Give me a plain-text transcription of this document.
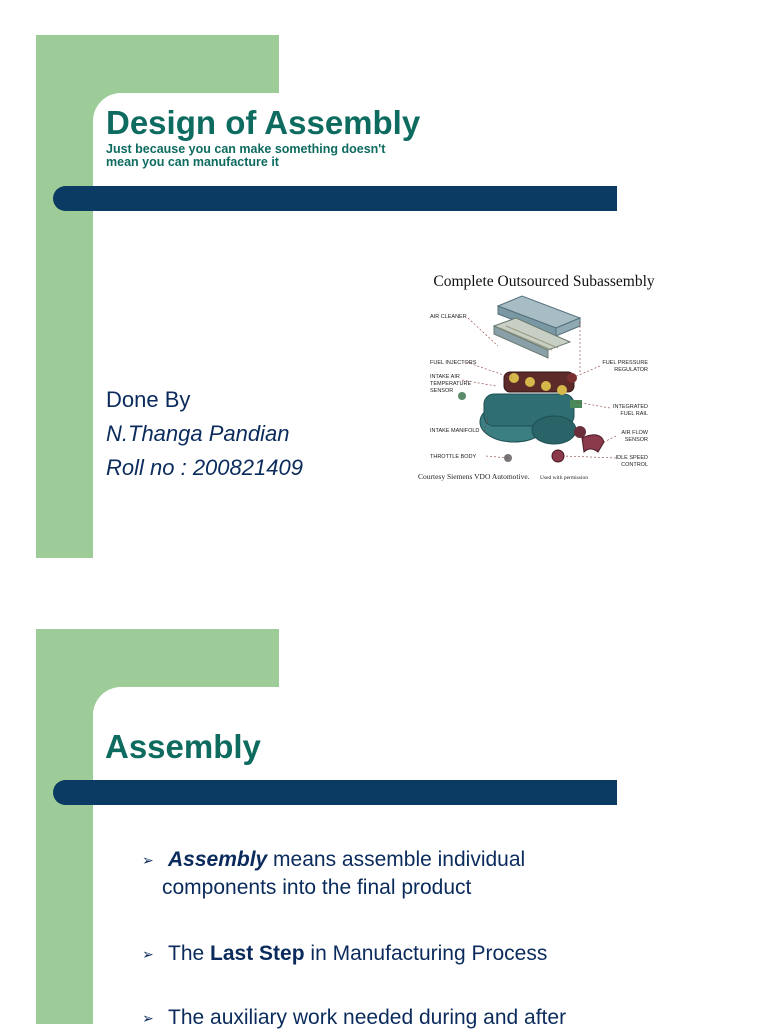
Design of Assembly
Just because you can make something doesn't
mean you can manufacture it
Done By
N.Thanga Pandian
Roll no : 200821409
Complete Outsourced Subassembly
AIR CLEANER
FUEL INJECTORS
INTAKE AIR
TEMPERATURE
SENSOR
INTAKE MANIFOLD
THROTTLE BODY
FUEL PRESSURE
REGULATOR
INTEGRATED
FUEL RAIL
AIR FLOW
SENSOR
IDLE SPEED
CONTROL
Courtesy Siemens VDO Automotive. Used with permission
Assembly
➢ Assembly means assemble individual
components into the final product
➢ The Last Step in Manufacturing Process
➢ The auxiliary work needed during and after
